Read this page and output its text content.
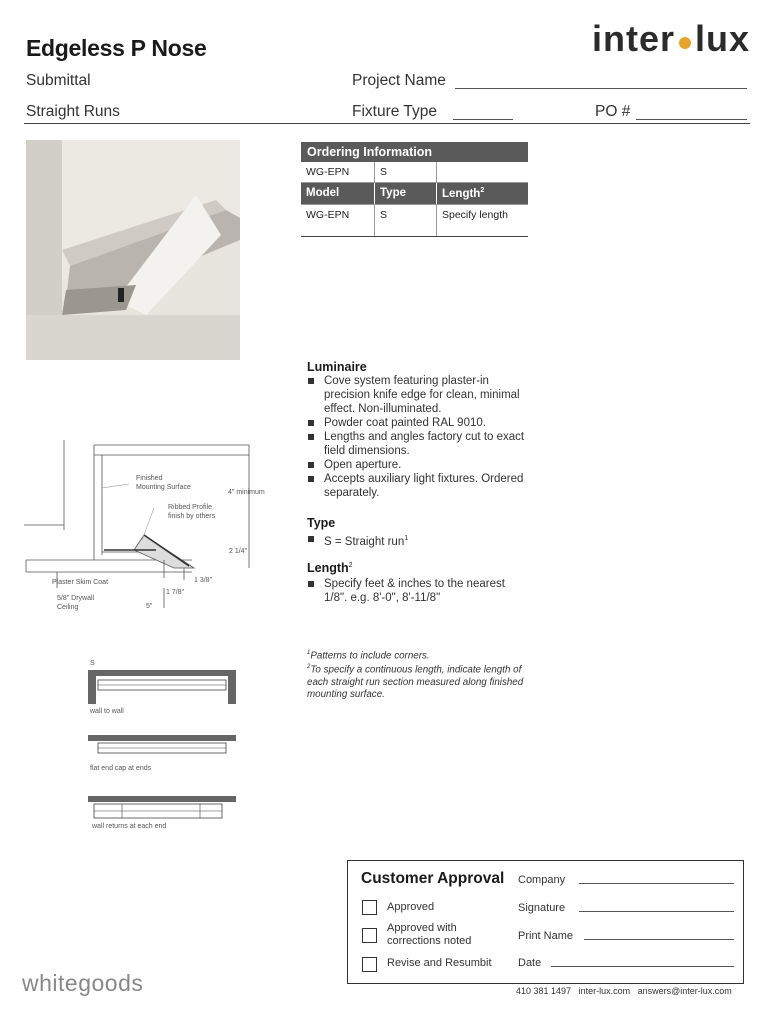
Edgeless P Nose	inter lux
Submittal	Project Name
Straight Runs	Fixture Type	PO #
Ordering Information
WG-EPN	S

Model	Type	Length$^2$
WG-EPN	S	Specify length
Luminaire
Cove system featuring plaster-in precision knife edge for clean, minimal effect. Non-illuminated.
Powder coat painted RAL 9010.
Lengths and angles factory cut to exact field dimensions.
Open aperture.
Accepts auxiliary light fixtures. Ordered separately.
Type
S = Straight run$^1$
Length$^2$
Specify feet & inches to the nearest 1/8". e.g. 8'-0", 8'-11/8"
$^1$Patterns to include corners.
$^2$To specify a continuous length, indicate length of each straight run section measured along finished mounting surface.
Finished
Mounting Surface
4" minimum
Ribbed Profile
finish by others
2 1/4"
Plaster Skim Coat	1 3/8"
5/8" Drywall
Ceiling
1 7/8"
5"
S
wall to wall
flat end cap at ends
wall returns at each end
Customer Approval
Approved
Approved with
corrections noted
Revise and Resumbit
Company
Signature
Print Name
Date
whitegoods	410 381 1497 inter-lux.com answers@inter-lux.com
